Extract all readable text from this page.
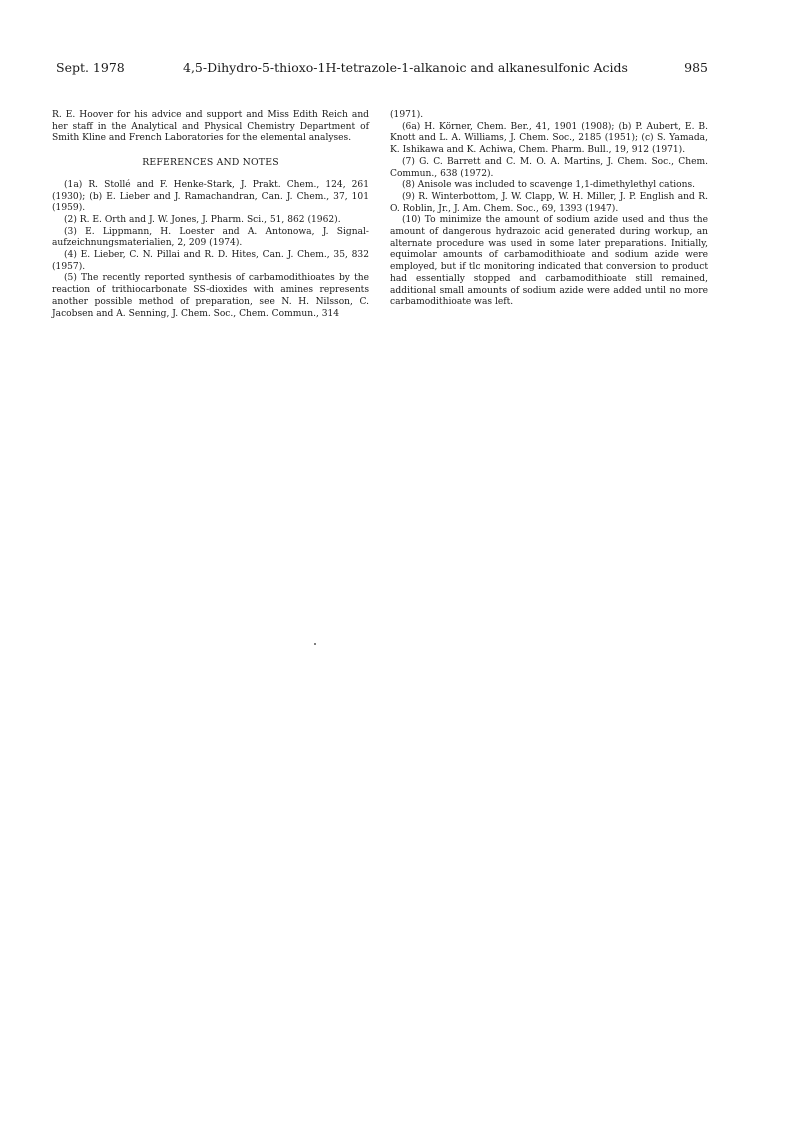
Sept. 1978	4,5-Dihydro-5-thioxo-1H-tetrazole-1-alkanoic and alkanesulfonic Acids	985

R. E. Hoover for his advice and support and Miss Edith Reich and her staff in the Analytical and Physical Chemistry Department of Smith Kline and French Laboratories for the elemental analyses.

REFERENCES AND NOTES

(1a) R. Stollé and F. Henke-Stark, J. Prakt. Chem., 124, 261 (1930); (b) E. Lieber and J. Ramachandran, Can. J. Chem., 37, 101 (1959).

(2) R. E. Orth and J. W. Jones, J. Pharm. Sci., 51, 862 (1962).

(3) E. Lippmann, H. Loester and A. Antonowa, J. Signal-aufzeichnungsmaterialien, 2, 209 (1974).

(4) E. Lieber, C. N. Pillai and R. D. Hites, Can. J. Chem., 35, 832 (1957).

(5) The recently reported synthesis of carbamodithioates by the reaction of trithiocarbonate SS-dioxides with amines represents another possible method of preparation, see N. H. Nilsson, C. Jacobsen and A. Senning, J. Chem. Soc., Chem. Commun., 314

(1971).

(6a) H. Körner, Chem. Ber., 41, 1901 (1908); (b) P. Aubert, E. B. Knott and L. A. Williams, J. Chem. Soc., 2185 (1951); (c) S. Yamada, K. Ishikawa and K. Achiwa, Chem. Pharm. Bull., 19, 912 (1971).

(7) G. C. Barrett and C. M. O. A. Martins, J. Chem. Soc., Chem. Commun., 638 (1972).

(8) Anisole was included to scavenge 1,1-dimethylethyl cations.

(9) R. Winterbottom, J. W. Clapp, W. H. Miller, J. P. English and R. O. Roblin, Jr., J. Am. Chem. Soc., 69, 1393 (1947).

(10) To minimize the amount of sodium azide used and thus the amount of dangerous hydrazoic acid generated during workup, an alternate procedure was used in some later preparations. Initially, equimolar amounts of carbamodithioate and sodium azide were employed, but if tlc monitoring indicated that conversion to product had essentially stopped and carbamodithioate still remained, additional small amounts of sodium azide were added until no more carbamodithioate was left.
